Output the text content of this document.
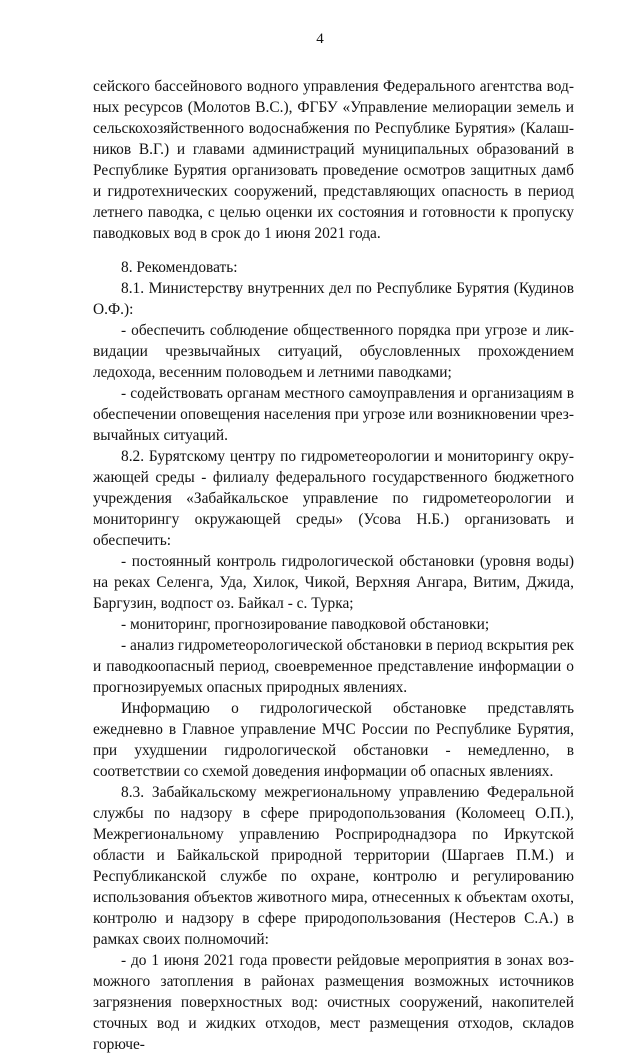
4

сейского бассейнового водного управления Федерального агентства водных ресурсов (Молотов В.С.), ФГБУ «Управление мелиорации земель и сельскохозяйственного водоснабжения по Республике Бурятия» (Калашников В.Г.) и главами администраций муниципальных образований в Республике Бурятия организовать проведение осмотров защитных дамб и гидротехнических сооружений, представляющих опасность в период летнего паводка, с целью оценки их состояния и готовности к пропуску паводковых вод в срок до 1 июня 2021 года.

8. Рекомендовать:

8.1. Министерству внутренних дел по Республике Бурятия (Кудинов О.Ф.):

- обеспечить соблюдение общественного порядка при угрозе и ликвидации чрезвычайных ситуаций, обусловленных прохождением ледохода, весенним половодьем и летними паводками;

- содействовать органам местного самоуправления и организациям в обеспечении оповещения населения при угрозе или возникновении чрезвычайных ситуаций.

8.2. Бурятскому центру по гидрометеорологии и мониторингу окружающей среды - филиалу федерального государственного бюджетного учреждения «Забайкальское управление по гидрометеорологии и мониторингу окружающей среды» (Усова Н.Б.) организовать и обеспечить:

- постоянный контроль гидрологической обстановки (уровня воды) на реках Селенга, Уда, Хилок, Чикой, Верхняя Ангара, Витим, Джида, Баргузин, водпост оз. Байкал - с. Турка;

- мониторинг, прогнозирование паводковой обстановки;

- анализ гидрометеорологической обстановки в период вскрытия рек и паводкоопасный период, своевременное представление информации о прогнозируемых опасных природных явлениях.

Информацию о гидрологической обстановке представлять ежедневно в Главное управление МЧС России по Республике Бурятия, при ухудшении гидрологической обстановки - немедленно, в соответствии со схемой доведения информации об опасных явлениях.

8.3. Забайкальскому межрегиональному управлению Федеральной службы по надзору в сфере природопользования (Коломеец О.П.), Межрегиональному управлению Росприроднадзора по Иркутской области и Байкальской природной территории (Шаргаев П.М.) и Республиканской службе по охране, контролю и регулированию использования объектов животного мира, отнесенных к объектам охоты, контролю и надзору в сфере природопользования (Нестеров С.А.) в рамках своих полномочий:

- до 1 июня 2021 года провести рейдовые мероприятия в зонах возможного затопления в районах размещения возможных источников загрязнения поверхностных вод: очистных сооружений, накопителей сточных вод и жидких отходов, мест размещения отходов, складов горюче-
